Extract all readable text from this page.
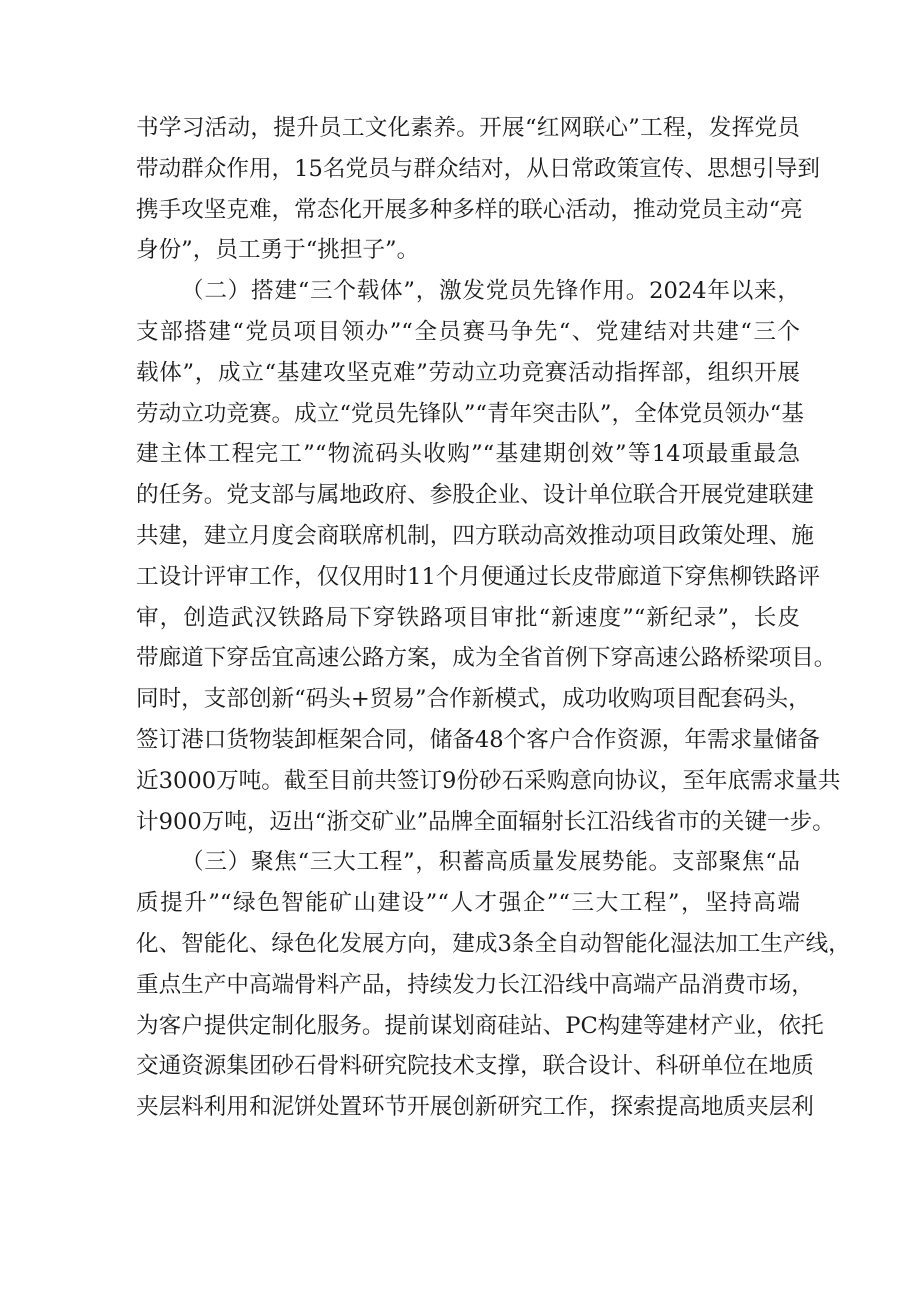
书学习活动，提升员工文化素养。开展“红网联心”工程，发挥党员
带动群众作用，15名党员与群众结对，从日常政策宣传、思想引导到
携手攻坚克难，常态化开展多种多样的联心活动，推动党员主动“亮
身份”，员工勇于“挑担子”。
（二）搭建“三个载体”，激发党员先锋作用。2024年以来，
支部搭建“党员项目领办”“全员赛马争先“、党建结对共建“三个
载体”，成立“基建攻坚克难”劳动立功竞赛活动指挥部，组织开展
劳动立功竞赛。成立“党员先锋队”“青年突击队”，全体党员领办“基
建主体工程完工”“物流码头收购”“基建期创效”等14项最重最急
的任务。党支部与属地政府、参股企业、设计单位联合开展党建联建
共建，建立月度会商联席机制，四方联动高效推动项目政策处理、施
工设计评审工作，仅仅用时11个月便通过长皮带廊道下穿焦柳铁路评
审，创造武汉铁路局下穿铁路项目审批“新速度”“新纪录”，长皮
带廊道下穿岳宜高速公路方案，成为全省首例下穿高速公路桥梁项目。
同时，支部创新“码头+贸易”合作新模式，成功收购项目配套码头，
签订港口货物装卸框架合同，储备48个客户合作资源，年需求量储备
近3000万吨。截至目前共签订9份砂石采购意向协议，至年底需求量共
计900万吨，迈出“浙交矿业”品牌全面辐射长江沿线省市的关键一步。
（三）聚焦“三大工程”，积蓄高质量发展势能。支部聚焦“品
质提升”“绿色智能矿山建设”“人才强企”“三大工程”，坚持高端
化、智能化、绿色化发展方向，建成3条全自动智能化湿法加工生产线，
重点生产中高端骨料产品，持续发力长江沿线中高端产品消费市场，
为客户提供定制化服务。提前谋划商硅站、PC构建等建材产业，依托
交通资源集团砂石骨料研究院技术支撑，联合设计、科研单位在地质
夹层料利用和泥饼处置环节开展创新研究工作，探索提高地质夹层利
